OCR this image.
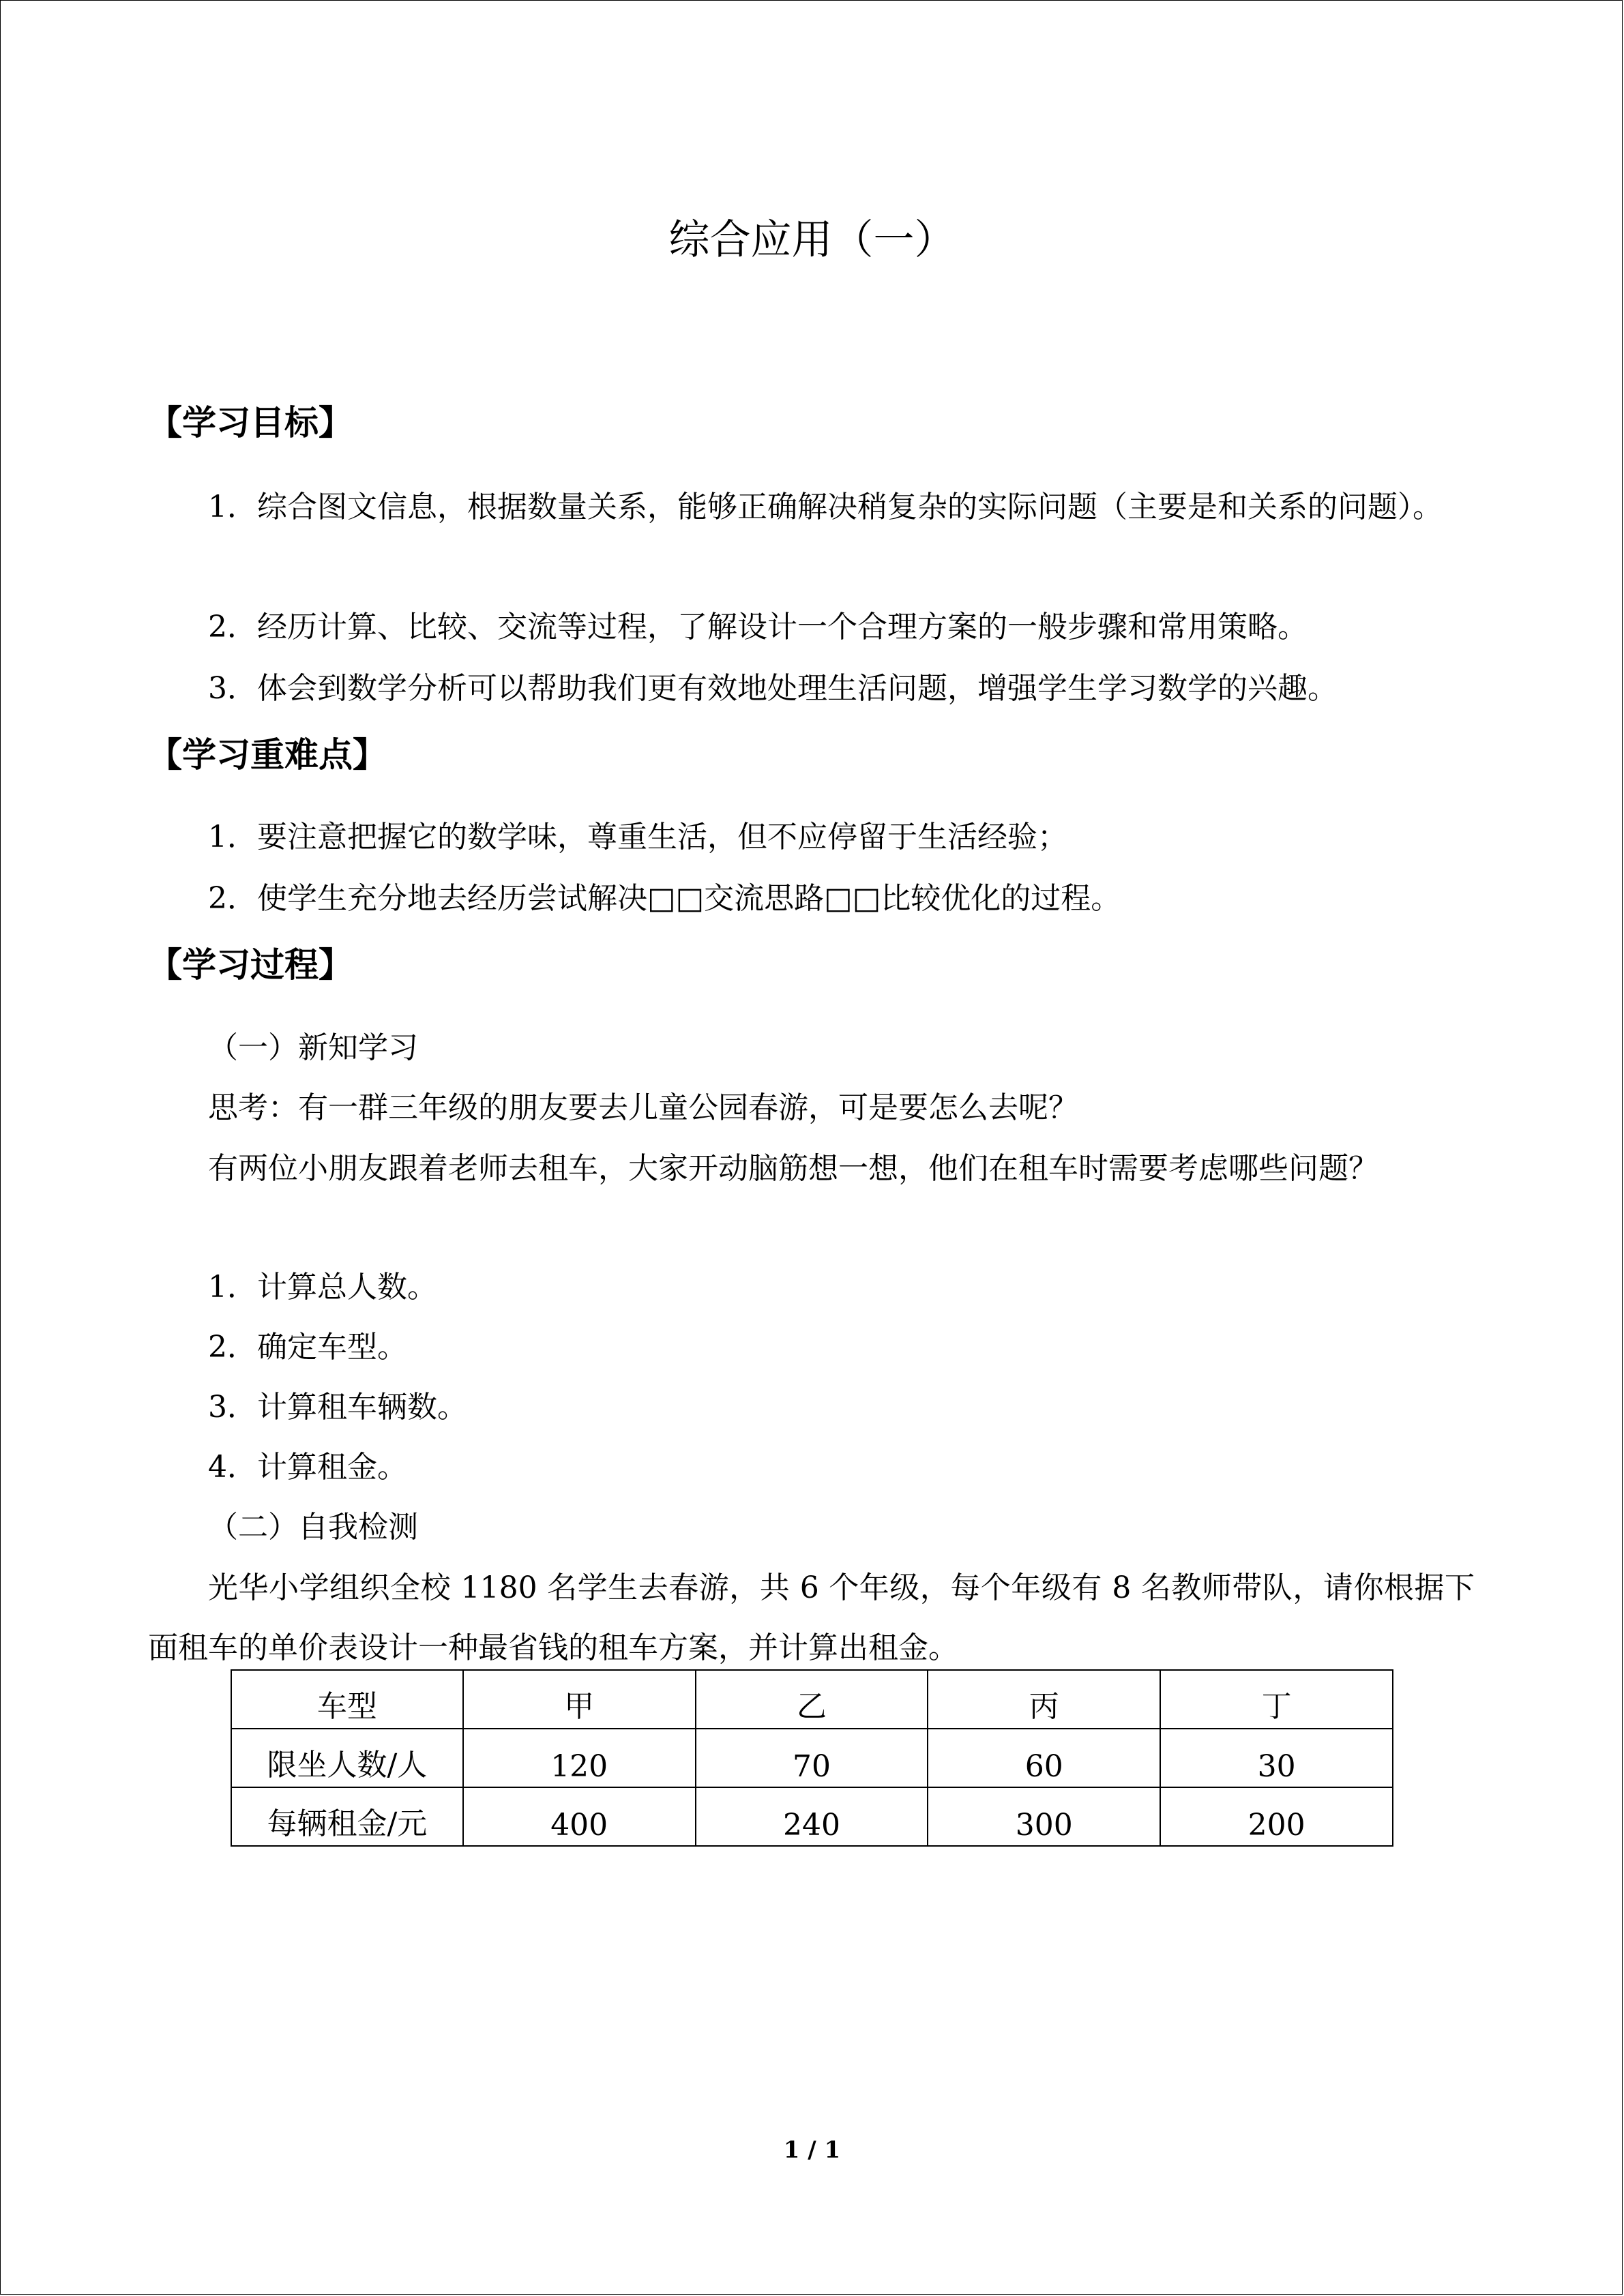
综合应用（一）
【学习目标】
1．综合图文信息，根据数量关系，能够正确解决稍复杂的实际问题（主要是和关系的问题）。
2．经历计算、比较、交流等过程，了解设计一个合理方案的一般步骤和常用策略。
3．体会到数学分析可以帮助我们更有效地处理生活问题，增强学生学习数学的兴趣。
【学习重难点】
1．要注意把握它的数学味，尊重生活，但不应停留于生活经验；
2．使学生充分地去经历尝试解决□□交流思路□□比较优化的过程。
【学习过程】
（一）新知学习
思考：有一群三年级的朋友要去儿童公园春游，可是要怎么去呢？
有两位小朋友跟着老师去租车，大家开动脑筋想一想，他们在租车时需要考虑哪些问题？
1．计算总人数。
2．确定车型。
3．计算租车辆数。
4．计算租金。
（二）自我检测
光华小学组织全校 1180 名学生去春游，共 6 个年级，每个年级有 8 名教师带队，请你根据下面租车的单价表设计一种最省钱的租车方案，并计算出租金。
车型	甲	乙	丙	丁
限坐人数/人	120	70	60	30
每辆租金/元	400	240	300	200
1 / 1
